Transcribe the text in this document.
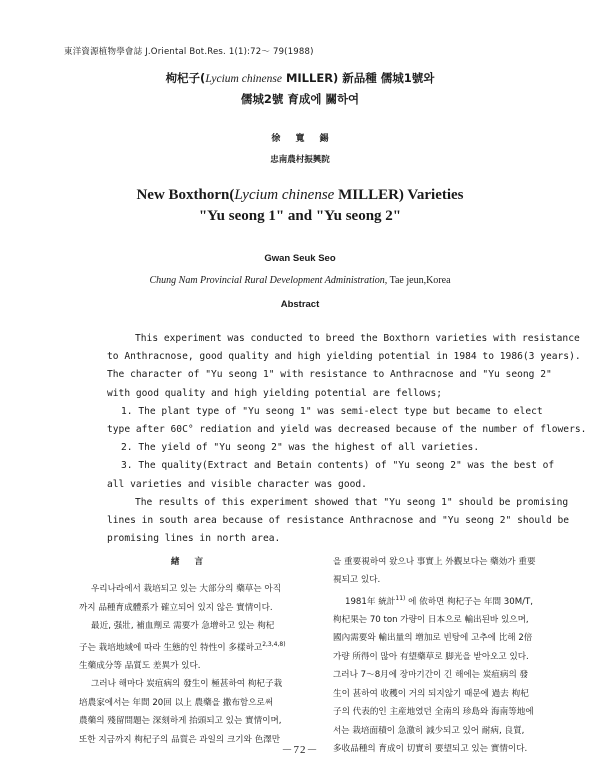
東洋資源植物學會誌 J.Oriental Bot.Res. 1(1):72～ 79(1988)
枸杞子(Lycium chinense MILLER) 新品種 儒城1號와
儒城2號 育成에 關하여
徐 寬 錫
忠南農村振興院
New Boxthorn(Lycium chinense MILLER) Varieties
"Yu seong 1" and "Yu seong 2"
Gwan Seuk Seo
Chung Nam Provincial Rural Development Administration, Tae jeun,Korea
Abstract
This experiment was conducted to breed the Boxthorn varieties with resistance
to Anthracnose, good quality and high yielding potential in 1984 to 1986(3 years).
The character of "Yu seong 1" with resistance to Anthracnose and "Yu seong 2"
with good quality and high yielding potential are fellows;
1. The plant type of "Yu seong 1" was semi-elect type but became to elect
type after 60C° rediation and yield was decreased because of the number of flowers.
2. The yield of "Yu seong 2" was the highest of all varieties.
3. The quality(Extract and Betain contents) of "Yu seong 2" was the best of
all varieties and visible character was good.
The results of this experiment showed that "Yu seong 1" should be promising
lines in south area because of resistance Anthracnose and "Yu seong 2" should be
promising lines in north area.
緖 言
우리나라에서 栽培되고 있는 大部分의 藥草는 아직
까지 品種育成體系가 確立되어 있지 않은 實情이다.
最近, 强壯, 補血劑로 需要가 急增하고 있는 枸杞
子는 栽培地域에 따라 生態的인 特性이 多樣하고$^{2,3,4,8)}$
生藥成分等 品質도 差異가 있다.
그러나 해마다 炭疽病의 發生이 極甚하여 枸杞子栽
培農家에서는 年間 20回 以上 農藥을 撒布함으로써
農藥의 殘留問題는 深刻하게 抬頭되고 있는 實情이며,
또한 지금까지 枸杞子의 品質은 과일의 크기와 色澤만
을 重要視하여 왔으나 事實上 外觀보다는 藥効가 重要
視되고 있다.
1981年 統計$^{11)}$ 에 依하면 枸杞子는 年間 30M/T,
枸杞果는 70 ton 가량이 日本으로 輸出된바 있으며,
國內需要와 輸出量의 增加로 빈탕에 고추에 比해 2倍
가량 所得이 많아 有望藥草로 脚光을 받아오고 있다.
그러나 7～8月에 장마기간이 긴 해에는 炭疽病의 發
生이 甚하여 收穫이 거의 되지않기 때문에 過去 枸杞
子의 代表的인 主産地였던 全南의 珍島와 海南等地에
서는 栽培面積이 急激히 減少되고 있어 耐病, 良質,
多收品種의 育成이 切實히 要望되고 있는 實情이다.
－72－
